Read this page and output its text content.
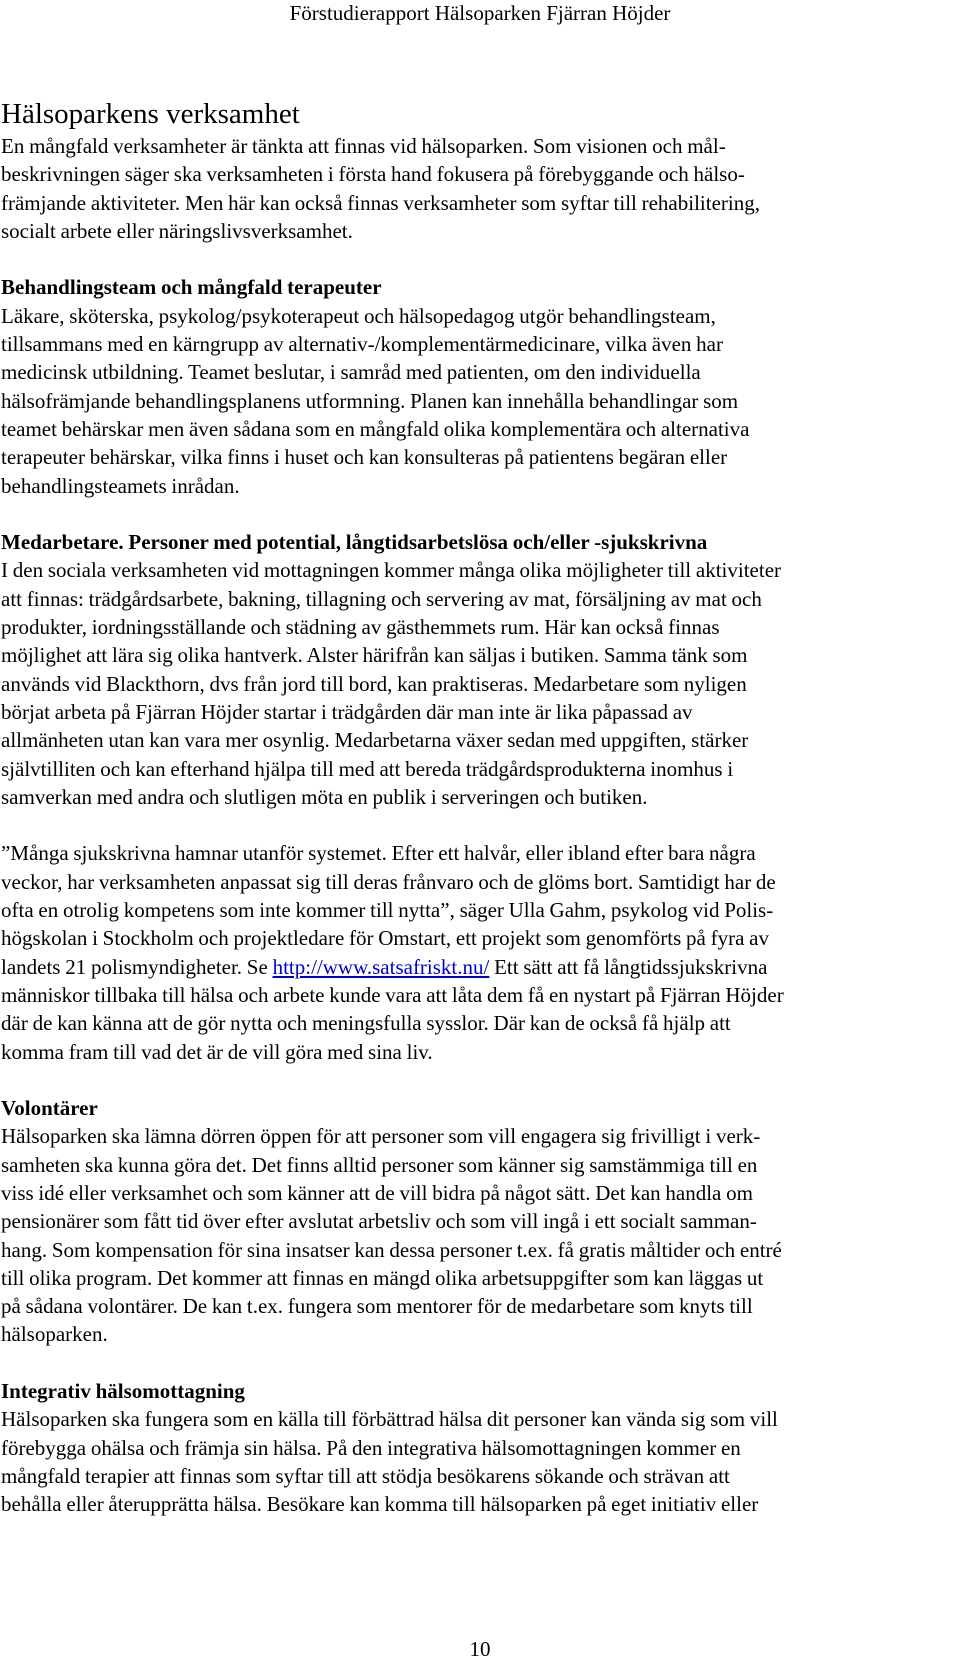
Förstudierapport Hälsoparken Fjärran Höjder
Hälsoparkens verksamhet

En mångfald verksamheter är tänkta att finnas vid hälsoparken. Som visionen och mål-
beskrivningen säger ska verksamheten i första hand fokusera på förebyggande och hälso-
främjande aktiviteter. Men här kan också finnas verksamheter som syftar till rehabilitering,
socialt arbete eller näringslivsverksamhet.

Behandlingsteam och mångfald terapeuter
Läkare, sköterska, psykolog/psykoterapeut och hälsopedagog utgör behandlingsteam,
tillsammans med en kärngrupp av alternativ-/komplementärmedicinare, vilka även har
medicinsk utbildning. Teamet beslutar, i samråd med patienten, om den individuella
hälsofrämjande behandlingsplanens utformning. Planen kan innehålla behandlingar som
teamet behärskar men även sådana som en mångfald olika komplementära och alternativa
terapeuter behärskar, vilka finns i huset och kan konsulteras på patientens begäran eller
behandlingsteamets inrådan.

Medarbetare. Personer med potential, långtidsarbetslösa och/eller -sjukskrivna
I den sociala verksamheten vid mottagningen kommer många olika möjligheter till aktiviteter
att finnas: trädgårdsarbete, bakning, tillagning och servering av mat, försäljning av mat och
produkter, iordningsställande och städning av gästhemmets rum. Här kan också finnas
möjlighet att lära sig olika hantverk. Alster härifrån kan säljas i butiken. Samma tänk som
används vid Blackthorn, dvs från jord till bord, kan praktiseras. Medarbetare som nyligen
börjat arbeta på Fjärran Höjder startar i trädgården där man inte är lika påpassad av
allmänheten utan kan vara mer osynlig. Medarbetarna växer sedan med uppgiften, stärker
självtilliten och kan efterhand hjälpa till med att bereda trädgårdsprodukterna inomhus i
samverkan med andra och slutligen möta en publik i serveringen och butiken.

”Många sjukskrivna hamnar utanför systemet. Efter ett halvår, eller ibland efter bara några
veckor, har verksamheten anpassat sig till deras frånvaro och de glöms bort. Samtidigt har de
ofta en otrolig kompetens som inte kommer till nytta”, säger Ulla Gahm, psykolog vid Polis-
högskolan i Stockholm och projektledare för Omstart, ett projekt som genomförts på fyra av
landets 21 polismyndigheter. Se http://www.satsafriskt.nu/ Ett sätt att få långtidssjukskrivna
människor tillbaka till hälsa och arbete kunde vara att låta dem få en nystart på Fjärran Höjder
där de kan känna att de gör nytta och meningsfulla sysslor. Där kan de också få hjälp att
komma fram till vad det är de vill göra med sina liv.

Volontärer
Hälsoparken ska lämna dörren öppen för att personer som vill engagera sig frivilligt i verk-
samheten ska kunna göra det. Det finns alltid personer som känner sig samstämmiga till en
viss idé eller verksamhet och som känner att de vill bidra på något sätt. Det kan handla om
pensionärer som fått tid över efter avslutat arbetsliv och som vill ingå i ett socialt samman-
hang. Som kompensation för sina insatser kan dessa personer t.ex. få gratis måltider och entré
till olika program. Det kommer att finnas en mängd olika arbetsuppgifter som kan läggas ut
på sådana volontärer. De kan t.ex. fungera som mentorer för de medarbetare som knyts till
hälsoparken.

Integrativ hälsomottagning
Hälsoparken ska fungera som en källa till förbättrad hälsa dit personer kan vända sig som vill
förebygga ohälsa och främja sin hälsa. På den integrativa hälsomottagningen kommer en
mångfald terapier att finnas som syftar till att stödja besökarens sökande och strävan att
behålla eller återupprätta hälsa. Besökare kan komma till hälsoparken på eget initiativ eller

10
